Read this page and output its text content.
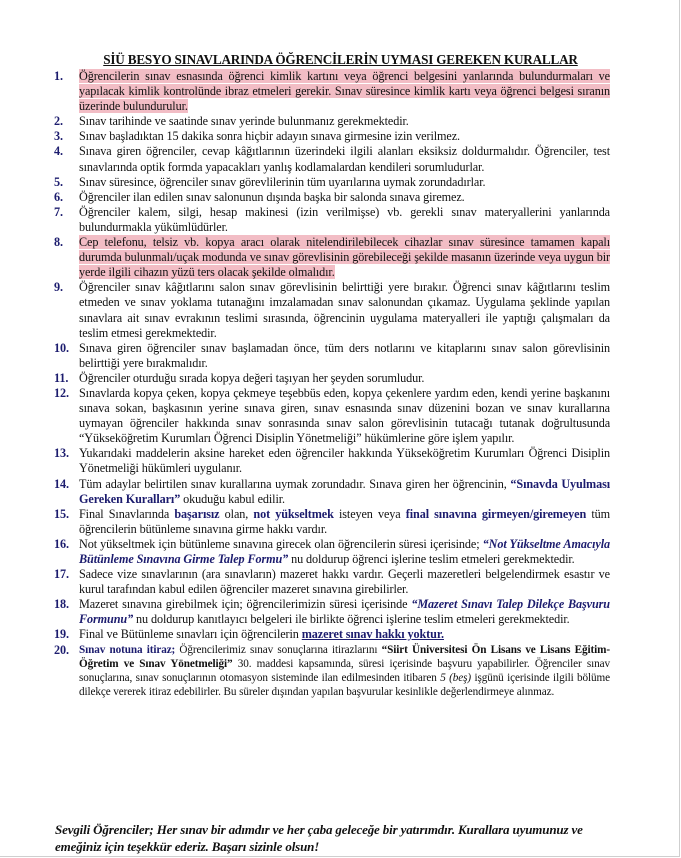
SİÜ BESYO SINAVLARINDA ÖĞRENCİLERİN UYMASI GEREKEN KURALLAR
1.	Öğrencilerin sınav esnasında öğrenci kimlik kartını veya öğrenci belgesini yanlarında bulundurmaları ve yapılacak kimlik kontrolünde ibraz etmeleri gerekir. Sınav süresince kimlik kartı veya öğrenci belgesi sıranın üzerinde bulundurulur.
2.	Sınav tarihinde ve saatinde sınav yerinde bulunmanız gerekmektedir.
3.	Sınav başladıktan 15 dakika sonra hiçbir adayın sınava girmesine izin verilmez.
4.	Sınava giren öğrenciler, cevap kâğıtlarının üzerindeki ilgili alanları eksiksiz doldurmalıdır. Öğrenciler, test sınavlarında optik formda yapacakları yanlış kodlamalardan kendileri sorumludurlar.
5.	Sınav süresince, öğrenciler sınav görevlilerinin tüm uyarılarına uymak zorundadırlar.
6.	Öğrenciler ilan edilen sınav salonunun dışında başka bir salonda sınava giremez.
7.	Öğrenciler kalem, silgi, hesap makinesi (izin verilmişse) vb. gerekli sınav materyallerini yanlarında bulundurmakla yükümlüdürler.
8.	Cep telefonu, telsiz vb. kopya aracı olarak nitelendirilebilecek cihazlar sınav süresince tamamen kapalı durumda bulunmalı/uçak modunda ve sınav görevlisinin görebileceği şekilde masanın üzerinde veya uygun bir yerde ilgili cihazın yüzü ters olacak şekilde olmalıdır.
9.	Öğrenciler sınav kâğıtlarını salon sınav görevlisinin belirttiği yere bırakır. Öğrenci sınav kâğıtlarını teslim etmeden ve sınav yoklama tutanağını imzalamadan sınav salonundan çıkamaz. Uygulama şeklinde yapılan sınavlara ait sınav evrakının teslimi sırasında, öğrencinin uygulama materyalleri ile yaptığı çalışmaları da teslim etmesi gerekmektedir.
10. Sınava giren öğrenciler sınav başlamadan önce, tüm ders notlarını ve kitaplarını sınav salon görevlisinin belirttiği yere bırakmalıdır.
11. Öğrenciler oturduğu sırada kopya değeri taşıyan her şeyden sorumludur.
12. Sınavlarda kopya çeken, kopya çekmeye teşebbüs eden, kopya çekenlere yardım eden, kendi yerine başkanını sınava sokan, başkasının yerine sınava giren, sınav esnasında sınav düzenini bozan ve sınav kurallarına uymayan öğrenciler hakkında sınav sonrasında sınav salon görevlisinin tutacağı tutanak doğrultusunda “Yükseköğretim Kurumları Öğrenci Disiplin Yönetmeliği” hükümlerine göre işlem yapılır.
13. Yukarıdaki maddelerin aksine hareket eden öğrenciler hakkında Yükseköğretim Kurumları Öğrenci Disiplin Yönetmeliği hükümleri uygulanır.
14. Tüm adaylar belirtilen sınav kurallarına uymak zorundadır. Sınava giren her öğrencinin, “Sınavda Uyulması Gereken Kuralları” okuduğu kabul edilir.
15. Final Sınavlarında başarısız olan, not yükseltmek isteyen veya final sınavına girmeyen/giremeyen tüm öğrencilerin bütünleme sınavına girme hakkı vardır.
16. Not yükseltmek için bütünleme sınavına girecek olan öğrencilerin süresi içerisinde; “Not Yükseltme Amacıyla Bütünleme Sınavına Girme Talep Formu” nu doldurup öğrenci işlerine teslim etmeleri gerekmektedir.
17. Sadece vize sınavlarının (ara sınavların) mazeret hakkı vardır. Geçerli mazeretleri belgelendirmek esastır ve kurul tarafından kabul edilen öğrenciler mazeret sınavına girebilirler.
18. Mazeret sınavına girebilmek için; öğrencilerimizin süresi içerisinde “Mazeret Sınavı Talep Dilekçe Başvuru Formunu” nu doldurup kanıtlayıcı belgeleri ile birlikte öğrenci işlerine teslim etmeleri gerekmektedir.
19. Final ve Bütünleme sınavları için öğrencilerin mazeret sınav hakkı yoktur.
20. Sınav notuna itiraz; Öğrencilerimiz sınav sonuçlarına itirazlarını “Siirt Üniversitesi Ön Lisans ve Lisans Eğitim-Öğretim ve Sınav Yönetmeliği” 30. maddesi kapsamında, süresi içerisinde başvuru yapabilirler. Öğrenciler sınav sonuçlarına, sınav sonuçlarının otomasyon sisteminde ilan edilmesinden itibaren 5 (beş) işgünü içerisinde ilgili bölüme dilekçe vererek itiraz edebilirler. Bu süreler dışından yapılan başvurular kesinlikle değerlendirmeye alınmaz.
Sevgili Öğrenciler; Her sınav bir adımdır ve her çaba geleceğe bir yatırımdır. Kurallara uyumunuz ve emeğiniz için teşekkür ederiz. Başarı sizinle olsun!
